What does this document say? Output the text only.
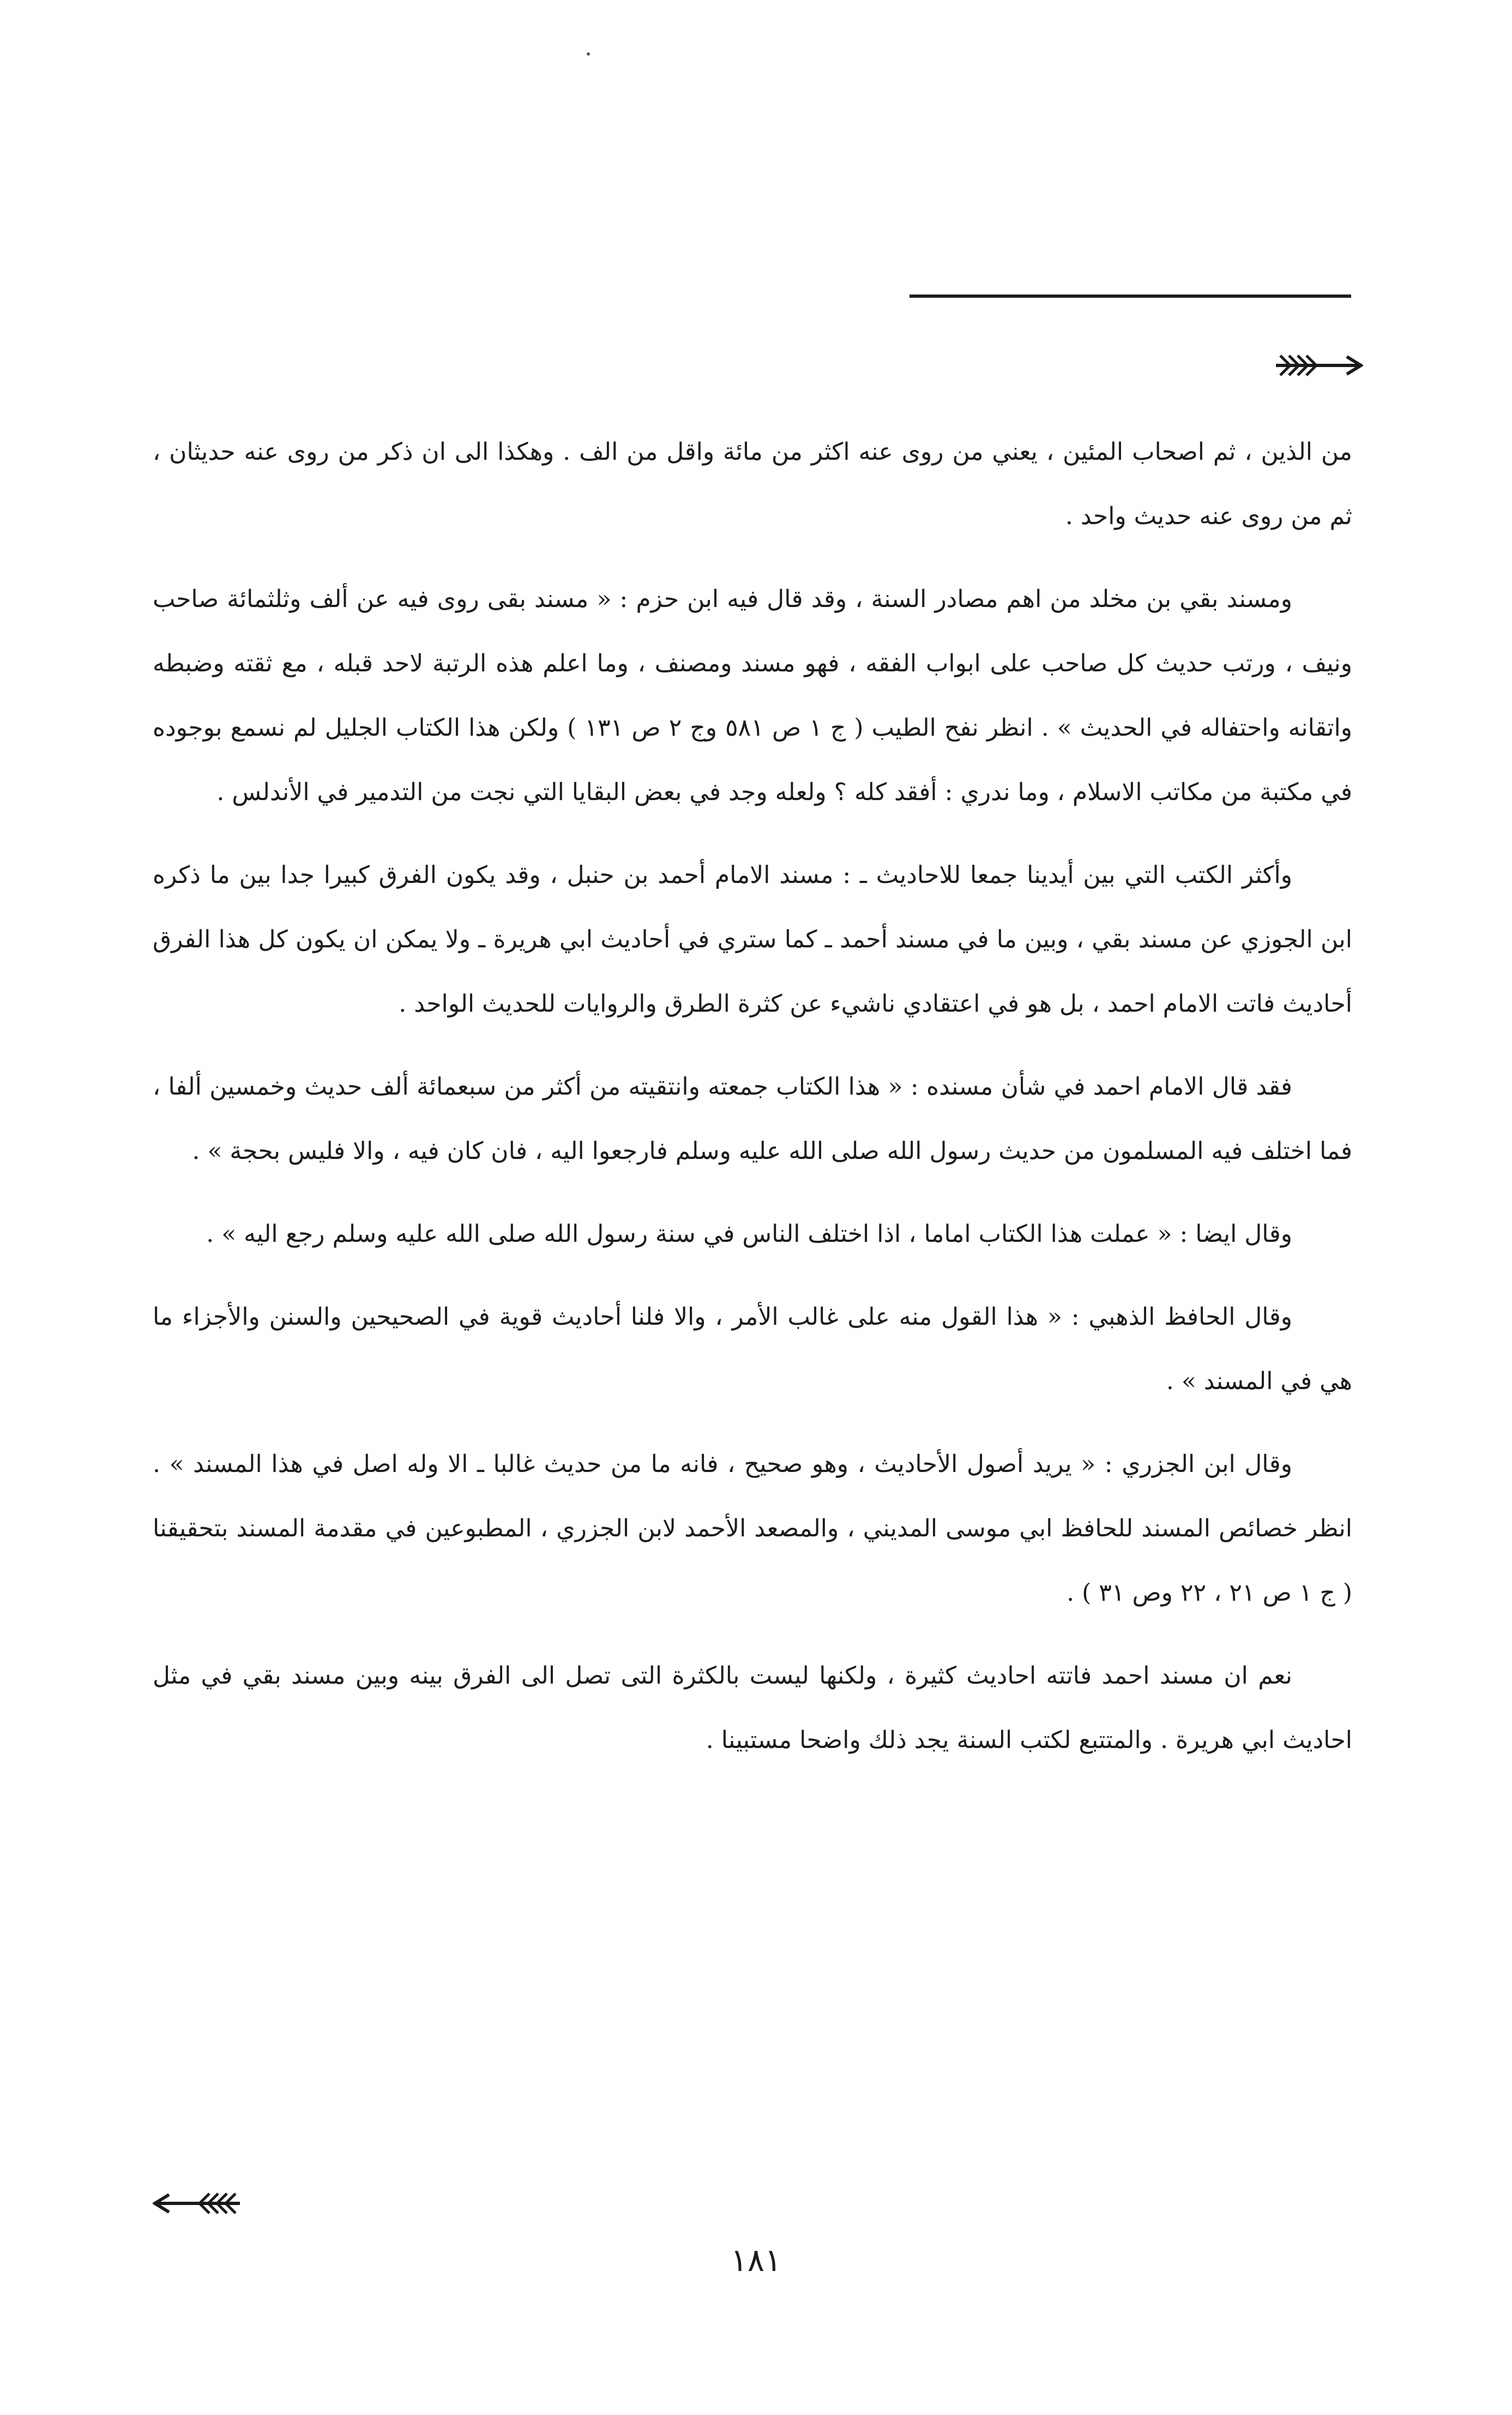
من الذين ، ثم اصحاب المئين ، يعني من روى عنه اكثر من مائة واقل من الف . وهكذا الى ان ذكر من روى عنه حديثان ، ثم من روى عنه حديث واحد .

ومسند بقي بن مخلد من اهم مصادر السنة ، وقد قال فيه ابن حزم : « مسند بقى روى فيه عن ألف وثلثمائة صاحب ونيف ، ورتب حديث كل صاحب على ابواب الفقه ، فهو مسند ومصنف ، وما اعلم هذه الرتبة لاحد قبله ، مع ثقته وضبطه واتقانه واحتفاله في الحديث » . انظر نفح الطيب ( ج ١ ص ٥٨١ وج ٢ ص ١٣١ ) ولكن هذا الكتاب الجليل لم نسمع بوجوده في مكتبة من مكاتب الاسلام ، وما ندري : أفقد كله ؟ ولعله وجد في بعض البقايا التي نجت من التدمير في الأندلس .

وأكثر الكتب التي بين أيدينا جمعا للاحاديث ـ : مسند الامام أحمد بن حنبل ، وقد يكون الفرق كبيرا جدا بين ما ذكره ابن الجوزي عن مسند بقي ، وبين ما في مسند أحمد ـ كما ستري في أحاديث ابي هريرة ـ ولا يمكن ان يكون كل هذا الفرق أحاديث فاتت الامام احمد ، بل هو في اعتقادي ناشيء عن كثرة الطرق والروايات للحديث الواحد .

فقد قال الامام احمد في شأن مسنده : « هذا الكتاب جمعته وانتقيته من أكثر من سبعمائة ألف حديث وخمسين ألفا ، فما اختلف فيه المسلمون من حديث رسول الله صلى الله عليه وسلم فارجعوا اليه ، فان كان فيه ، والا فليس بحجة » .

وقال ايضا : « عملت هذا الكتاب اماما ، اذا اختلف الناس في سنة رسول الله صلى الله عليه وسلم رجع اليه » .

وقال الحافظ الذهبي : « هذا القول منه على غالب الأمر ، والا فلنا أحاديث قوية في الصحيحين والسنن والأجزاء ما هي في المسند » .

وقال ابن الجزري : « يريد أصول الأحاديث ، وهو صحيح ، فانه ما من حديث غالبا ـ الا وله اصل في هذا المسند » . انظر خصائص المسند للحافظ ابي موسى المديني ، والمصعد الأحمد لابن الجزري ، المطبوعين في مقدمة المسند بتحقيقنا ( ج ١ ص ٢١ ، ٢٢ وص ٣١ ) .

نعم ان مسند احمد فاتته احاديث كثيرة ، ولكنها ليست بالكثرة التى تصل الى الفرق بينه وبين مسند بقي في مثل احاديث ابي هريرة . والمتتبع لكتب السنة يجد ذلك واضحا مستبينا .

١٨١
